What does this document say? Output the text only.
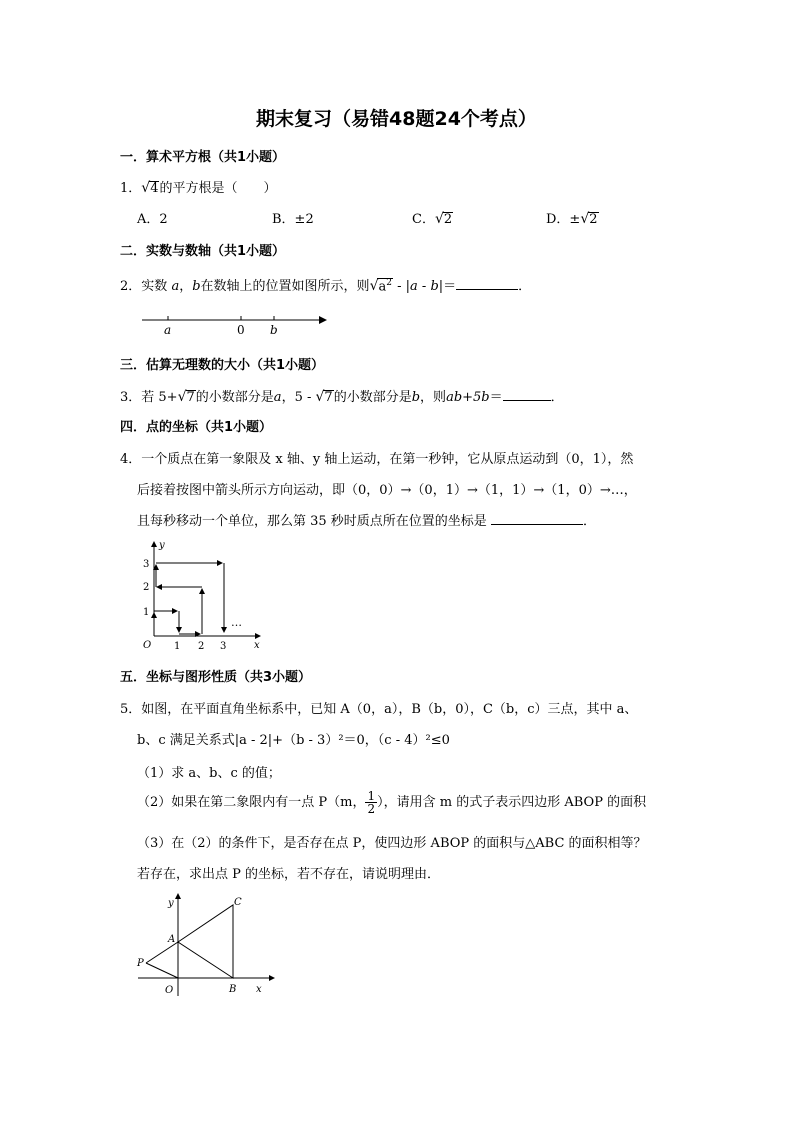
期末复习（易错48题24个考点）
一．算术平方根（共1小题）
1．√4的平方根是（　　）
A．2	B．±2	C．√2	D．±√2
二．实数与数轴（共1小题）
2．实数 a，b在数轴上的位置如图所示，则$√a^2 - |a - b|=$	．
a	0 b
三．估算无理数的大小（共1小题）
3．若 5+√7的小数部分是a，5 - √7的小数部分是b，则ab+5b＝	．
四．点的坐标（共1小题）
4．一个质点在第一象限及 x 轴、y 轴上运动，在第一秒钟，它从原点运动到（0，1），然
后接着按图中箭头所示方向运动，即（0，0）→（0，1）→（1，1）→（1，0）→…，
且每秒移动一个单位，那么第 35 秒时质点所在位置的坐标是	．
y
x
O
1
2
3
1 2 3
…
五．坐标与图形性质（共3小题）
5．如图，在平面直角坐标系中，已知 A（0，a），B（b，0），C（b，c）三点，其中 a、
b、c 满足关系式|a - 2|+（b - 3）²＝0，（c - 4）²≤0
（1）求 a、b、c 的值；
（2）如果在第二象限内有一点 P（m， $\frac{1}{2}$ ），请用含 m 的式子表示四边形 ABOP 的面积
（3）在（2）的条件下，是否存在点 P，使四边形 ABOP 的面积与△ABC 的面积相等？
若存在，求出点 P 的坐标，若不存在，请说明理由．
y
x
O
A
B
C
P
